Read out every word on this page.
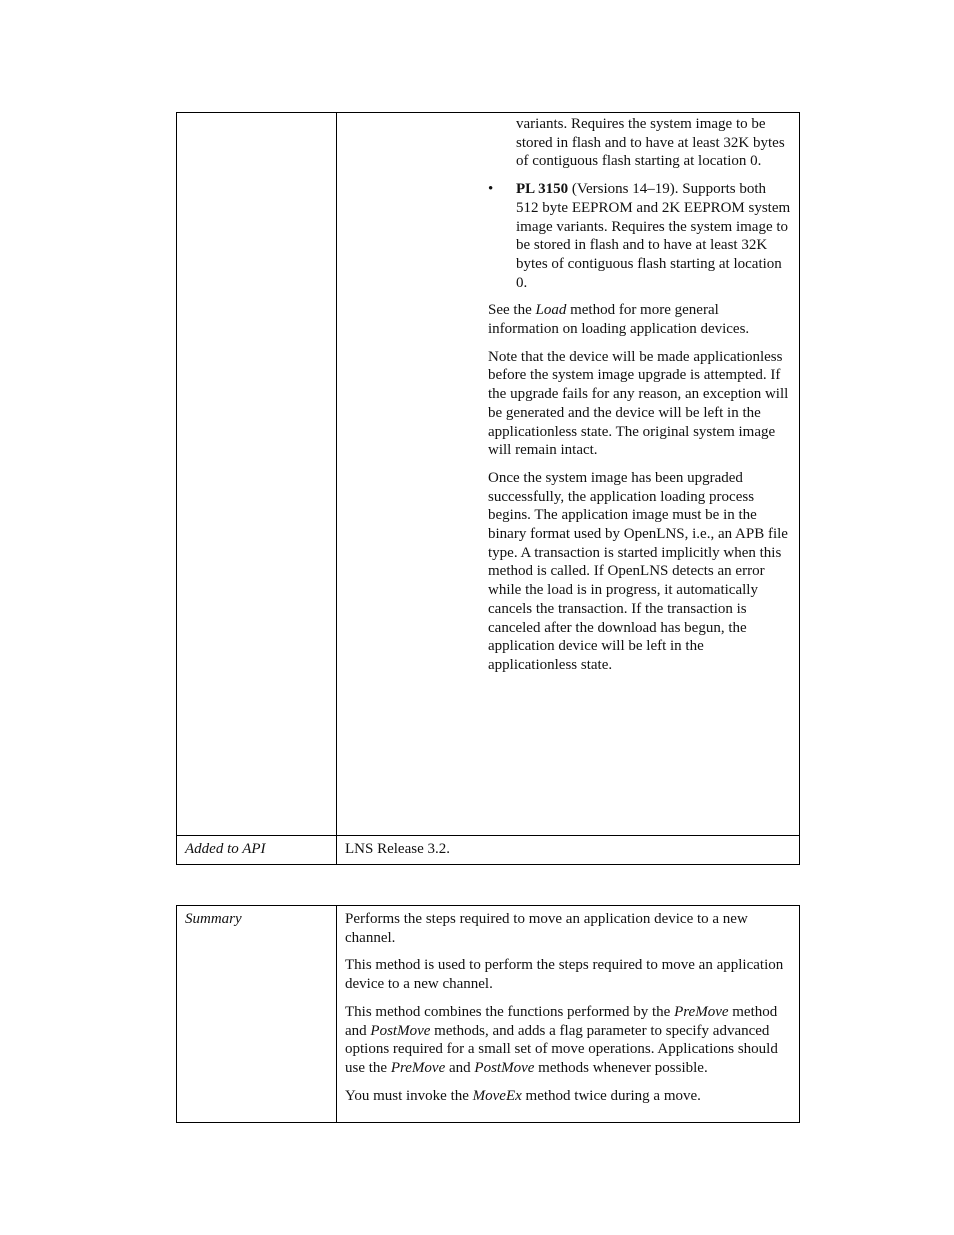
variants. Requires the system image to be stored in flash and to have at least 32K bytes of contiguous flash starting at location 0.
•	PL 3150 (Versions 14–19). Supports both 512 byte EEPROM and 2K EEPROM system image variants. Requires the system image to be stored in flash and to have at least 32K bytes of contiguous flash starting at location 0.
See the Load method for more general information on loading application devices.
Note that the device will be made applicationless before the system image upgrade is attempted. If the upgrade fails for any reason, an exception will be generated and the device will be left in the applicationless state. The original system image will remain intact.
Once the system image has been upgraded successfully, the application loading process begins. The application image must be in the binary format used by OpenLNS, i.e., an APB file type. A transaction is started implicitly when this method is called. If OpenLNS detects an error while the load is in progress, it automatically cancels the transaction. If the transaction is canceled after the download has begun, the application device will be left in the applicationless state.
Added to API	LNS Release 3.2.
Summary	Performs the steps required to move an application device to a new channel.
This method is used to perform the steps required to move an application device to a new channel.
This method combines the functions performed by the PreMove method and PostMove methods, and adds a flag parameter to specify advanced options required for a small set of move operations. Applications should use the PreMove and PostMove methods whenever possible.
You must invoke the MoveEx method twice during a move.
